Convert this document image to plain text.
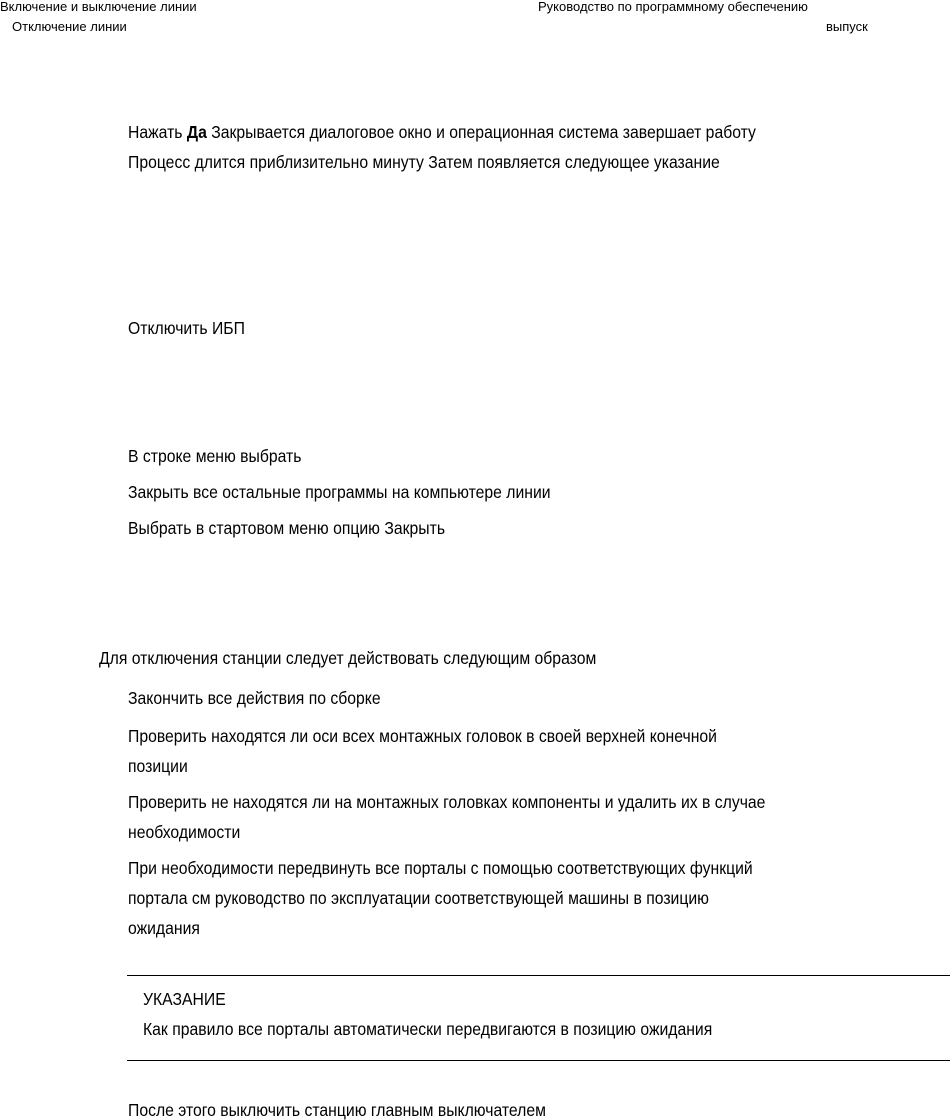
Включение и выключение линии
Отключение линии
Руководство по программному обеспечению
выпуск
Нажать Да Закрывается диалоговое окно и операционная система завершает работу
Процесс длится приблизительно минуту Затем появляется следующее указание
Отключить ИБП
В строке меню выбрать
Закрыть все остальные программы на компьютере линии
Выбрать в стартовом меню опцию Закрыть
Для отключения станции следует действовать следующим образом
Закончить все действия по сборке
Проверить находятся ли оси всех монтажных головок в своей верхней конечной
позиции
Проверить не находятся ли на монтажных головках компоненты и удалить их в случае
необходимости
При необходимости передвинуть все порталы с помощью соответствующих функций
портала см руководство по эксплуатации соответствующей машины в позицию
ожидания
УКАЗАНИЕ
Как правило все порталы автоматически передвигаются в позицию ожидания
После этого выключить станцию главным выключателем
